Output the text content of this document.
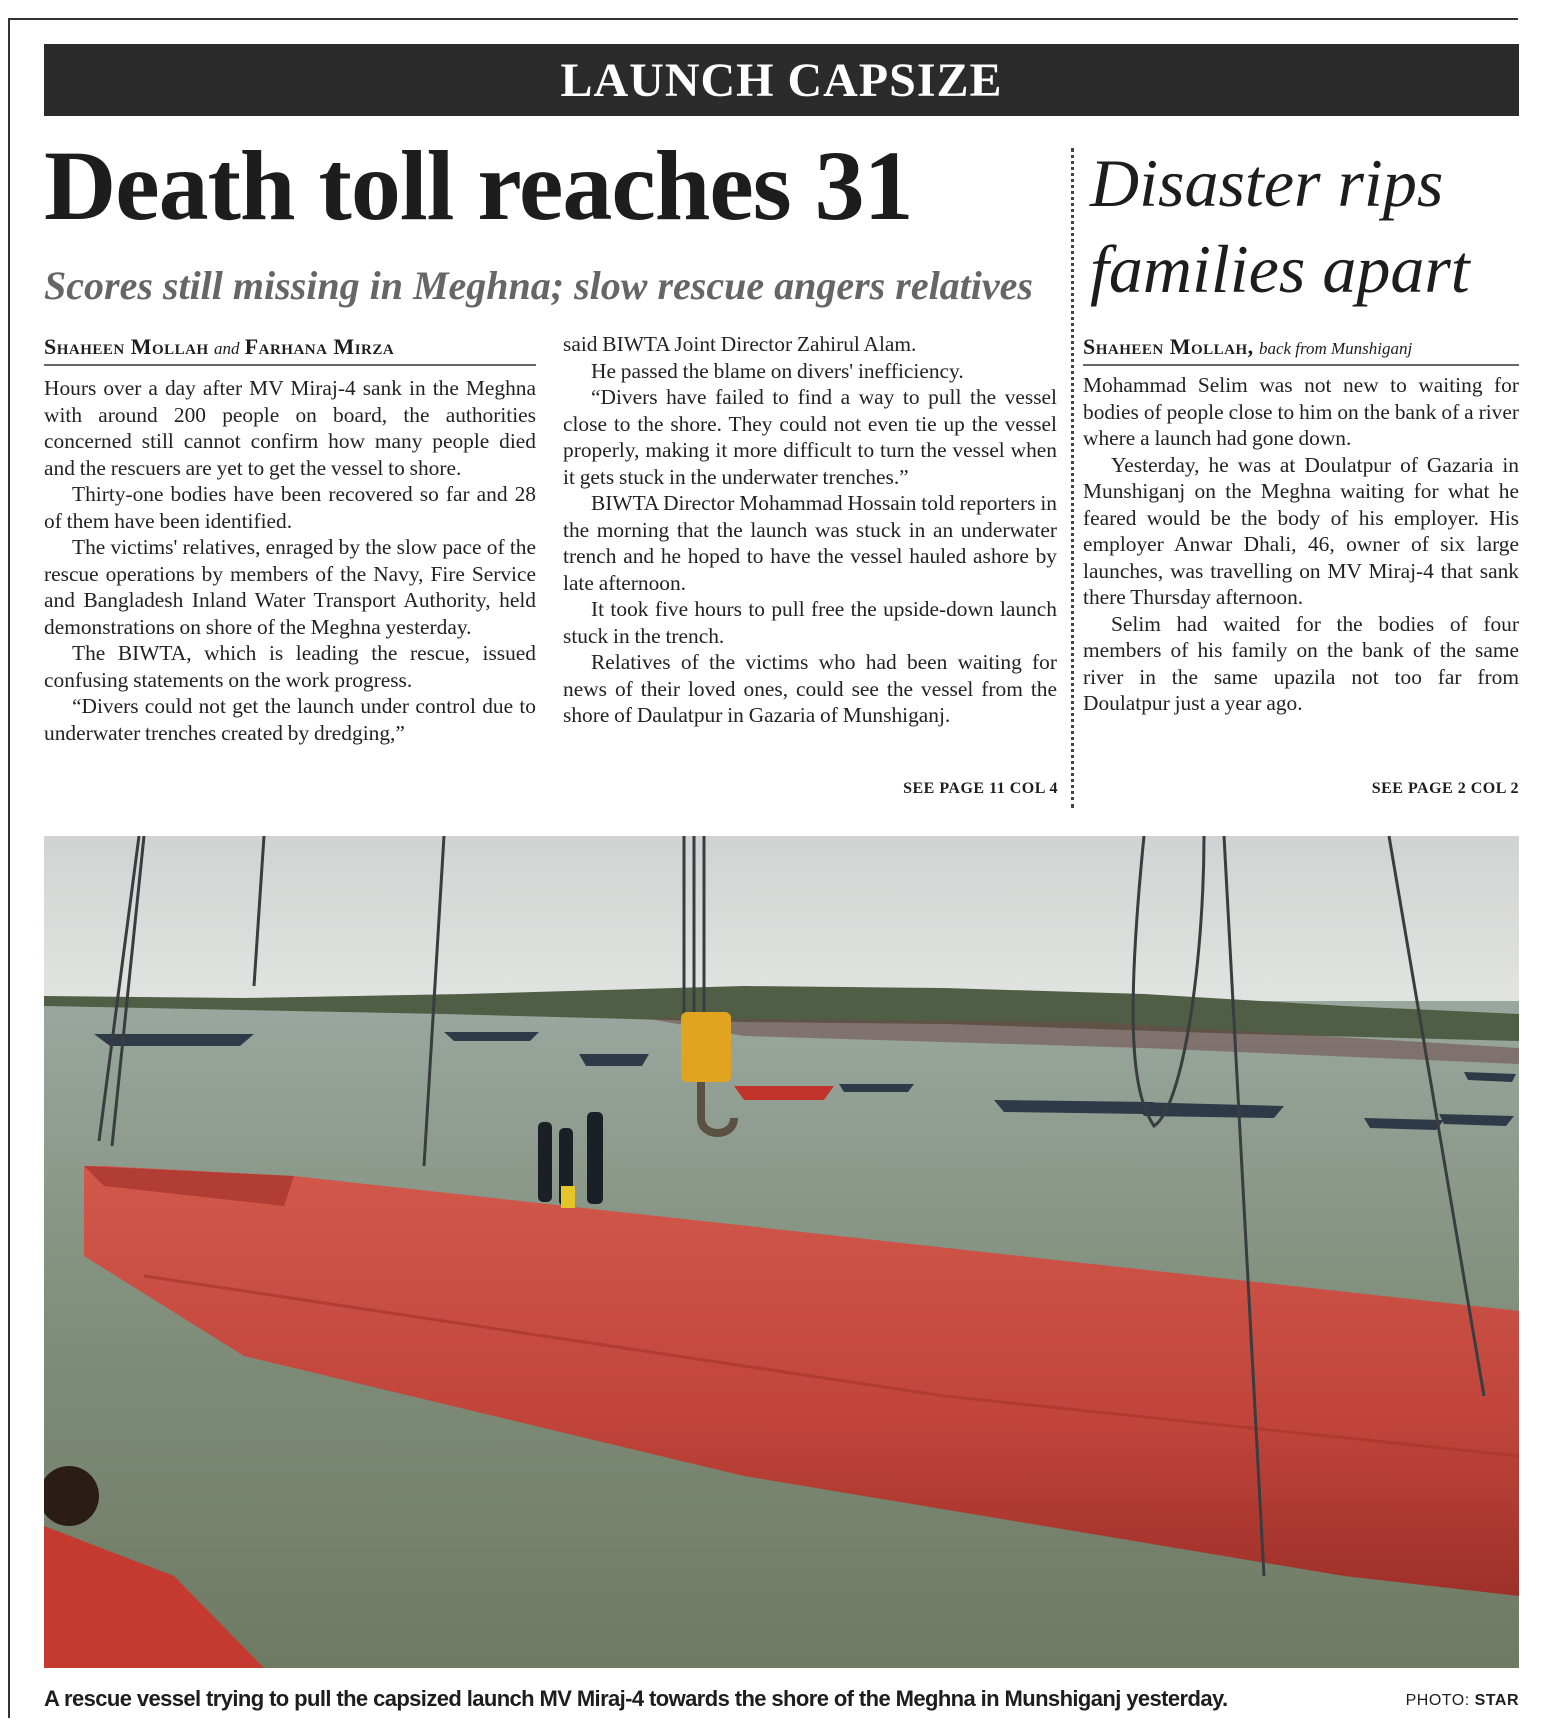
LAUNCH CAPSIZE
Death toll reaches 31
Scores still missing in Meghna; slow rescue angers relatives
Disaster rips
families apart
Shaheen Mollah and Farhana Mirza	Shaheen Mollah, back from Munshiganj

Hours over a day after MV Miraj-4 sank in the Meghna with around 200 people on board, the authorities concerned still cannot confirm how many people died and the rescuers are yet to get the vessel to shore.

Thirty-one bodies have been recovered so far and 28 of them have been identified.

The victims' relatives, enraged by the slow pace of the rescue operations by members of the Navy, Fire Service and Bangladesh Inland Water Transport Authority, held demonstrations on shore of the Meghna yesterday.

The BIWTA, which is leading the rescue, issued confusing statements on the work progress.

“Divers could not get the launch under control due to underwater trenches created by dredging,”

said BIWTA Joint Director Zahirul Alam.

He passed the blame on divers' inefficiency.

“Divers have failed to find a way to pull the vessel close to the shore. They could not even tie up the vessel properly, making it more difficult to turn the vessel when it gets stuck in the underwater trenches.”

BIWTA Director Mohammad Hossain told reporters in the morning that the launch was stuck in an underwater trench and he hoped to have the vessel hauled ashore by late afternoon.

It took five hours to pull free the upside-down launch stuck in the trench.

Relatives of the victims who had been waiting for news of their loved ones, could see the vessel from the shore of Daulatpur in Gazaria of Munshiganj.

SEE PAGE 11 COL 4

Mohammad Selim was not new to waiting for bodies of people close to him on the bank of a river where a launch had gone down.

Yesterday, he was at Doulatpur of Gazaria in Munshiganj on the Meghna waiting for what he feared would be the body of his employer. His employer Anwar Dhali, 46, owner of six large launches, was travelling on MV Miraj-4 that sank there Thursday afternoon.

Selim had waited for the bodies of four members of his family on the bank of the same river in the same upazila not too far from Doulatpur just a year ago.

SEE PAGE 2 COL 2

A rescue vessel trying to pull the capsized launch MV Miraj-4 towards the shore of the Meghna in Munshiganj yesterday.	PHOTO: STAR
